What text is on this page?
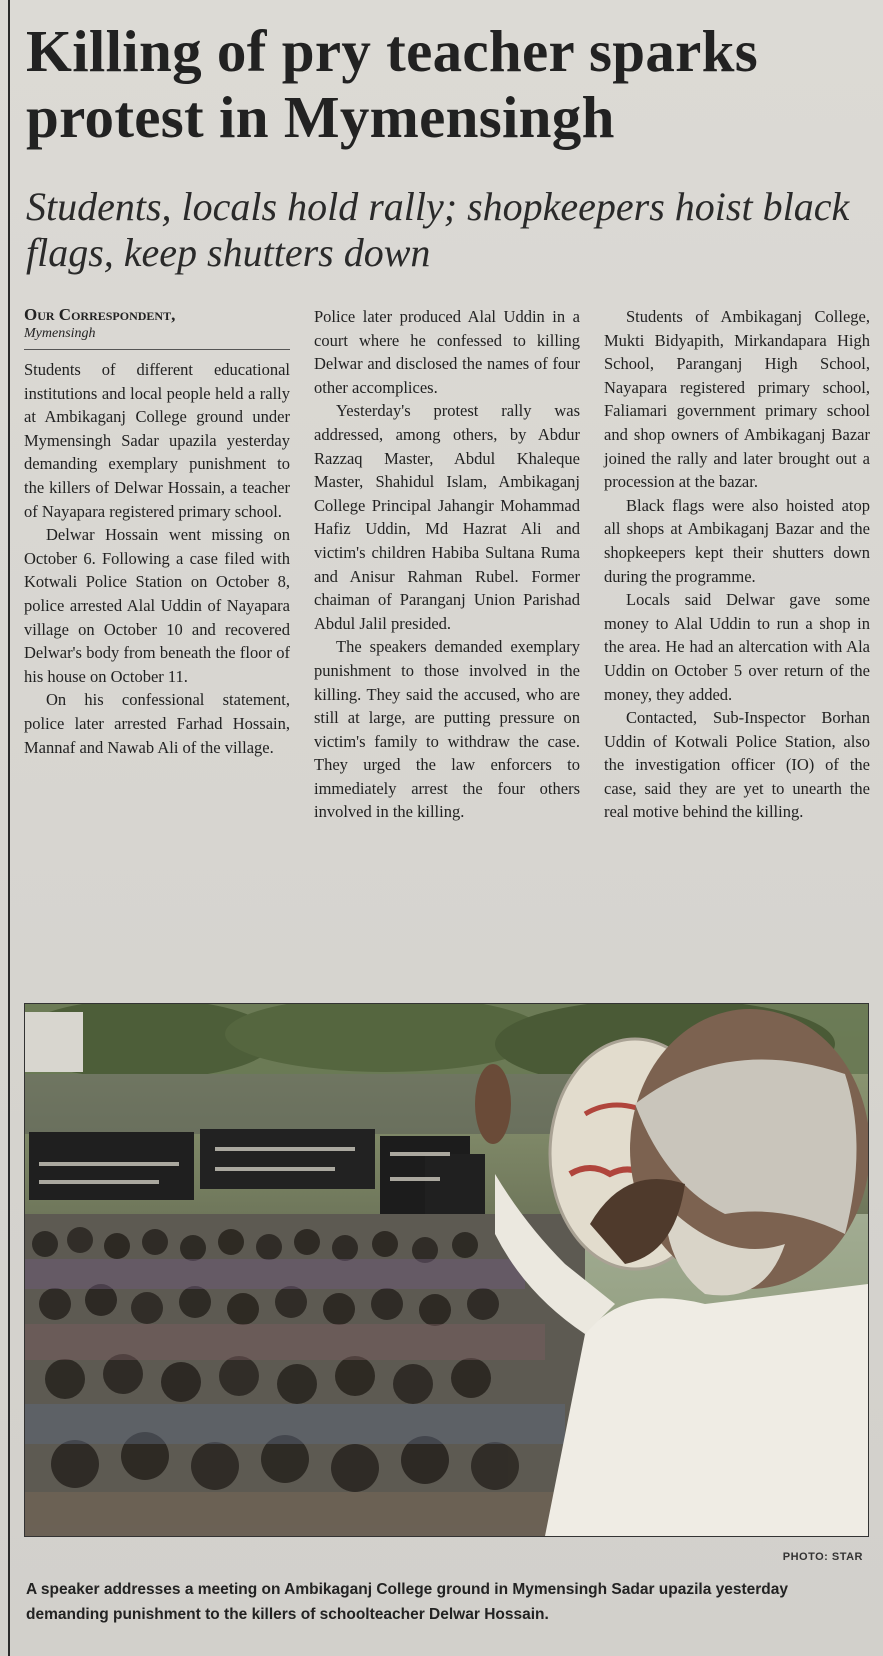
Killing of pry teacher sparks protest in Mymensingh
Students, locals hold rally; shopkeepers hoist black flags, keep shutters down
Our Correspondent,
Mymensingh

Students of different educational institutions and local people held a rally at Ambikaganj College ground under Mymensingh Sadar upazila yesterday demanding exemplary punishment to the killers of Delwar Hossain, a teacher of Nayapara registered primary school.

Delwar Hossain went missing on October 6. Following a case filed with Kotwali Police Station on October 8, police arrested Alal Uddin of Nayapara village on October 10 and recovered Delwar's body from beneath the floor of his house on October 11.

On his confessional statement, police later arrested Farhad Hossain, Mannaf and Nawab Ali of the village.

Police later produced Alal Uddin in a court where he confessed to killing Delwar and disclosed the names of four other accomplices.

Yesterday's protest rally was addressed, among others, by Abdur Razzaq Master, Abdul Khaleque Master, Shahidul Islam, Ambikaganj College Principal Jahangir Mohammad Hafiz Uddin, Md Hazrat Ali and victim's children Habiba Sultana Ruma and Anisur Rahman Rubel. Former chaiman of Paranganj Union Parishad Abdul Jalil presided.

The speakers demanded exemplary punishment to those involved in the killing. They said the accused, who are still at large, are putting pressure on victim's family to withdraw the case. They urged the law enforcers to immediately arrest the four others involved in the killing.

Students of Ambikaganj College, Mukti Bidyapith, Mirkandapara High School, Paranganj High School, Nayapara registered primary school, Faliamari government primary school and shop owners of Ambikaganj Bazar joined the rally and later brought out a procession at the bazar.

Black flags were also hoisted atop all shops at Ambikaganj Bazar and the shopkeepers kept their shutters down during the programme.

Locals said Delwar gave some money to Alal Uddin to run a shop in the area. He had an altercation with Ala Uddin on October 5 over return of the money, they added.

Contacted, Sub-Inspector Borhan Uddin of Kotwali Police Station, also the investigation officer (IO) of the case, said they are yet to unearth the real motive behind the killing.

PHOTO: STAR
A speaker addresses a meeting on Ambikaganj College ground in Mymensingh Sadar upazila yesterday demanding punishment to the killers of schoolteacher Delwar Hossain.
